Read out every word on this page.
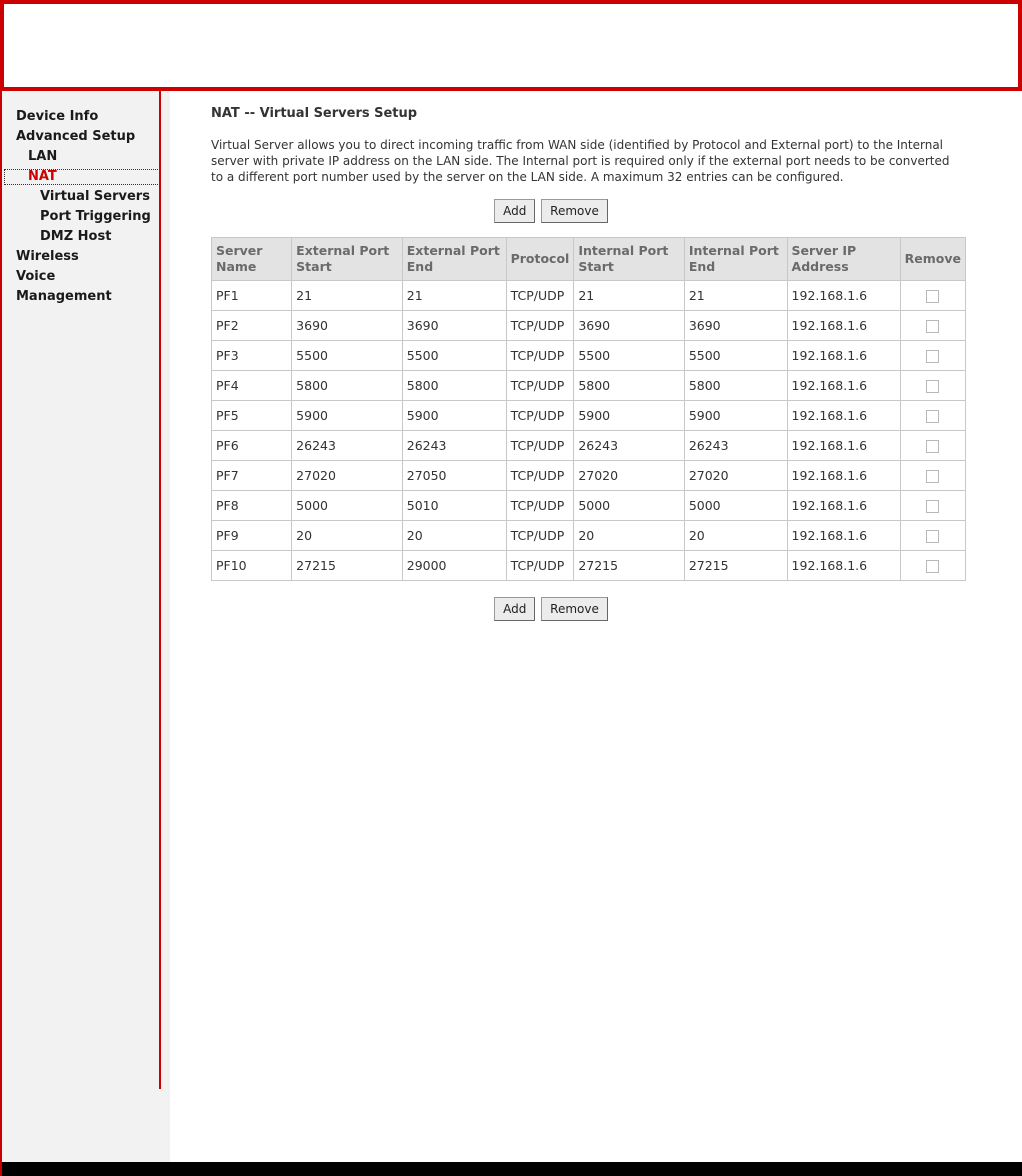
Device Info
Advanced Setup
LAN
NAT
Virtual Servers
Port Triggering
DMZ Host
Wireless
Voice
Management
NAT -- Virtual Servers Setup

Virtual Server allows you to direct incoming traffic from WAN side (identified by Protocol and External port) to the Internal server with private IP address on the LAN side. The Internal port is required only if the external port needs to be converted to a different port number used by the server on the LAN side. A maximum 32 entries can be configured.

Add Remove
Server Name	External Port Start	External Port End	Protocol	Internal Port Start	Internal Port End	Server IP Address	Remove
PF1	21	21	TCP/UDP	21	21	192.168.1.6	
PF2	3690	3690	TCP/UDP	3690	3690	192.168.1.6	
PF3	5500	5500	TCP/UDP	5500	5500	192.168.1.6	
PF4	5800	5800	TCP/UDP	5800	5800	192.168.1.6	
PF5	5900	5900	TCP/UDP	5900	5900	192.168.1.6	
PF6	26243	26243	TCP/UDP	26243	26243	192.168.1.6	
PF7	27020	27050	TCP/UDP	27020	27020	192.168.1.6	
PF8	5000	5010	TCP/UDP	5000	5000	192.168.1.6	
PF9	20	20	TCP/UDP	20	20	192.168.1.6	
PF10	27215	29000	TCP/UDP	27215	27215	192.168.1.6	
Add Remove
